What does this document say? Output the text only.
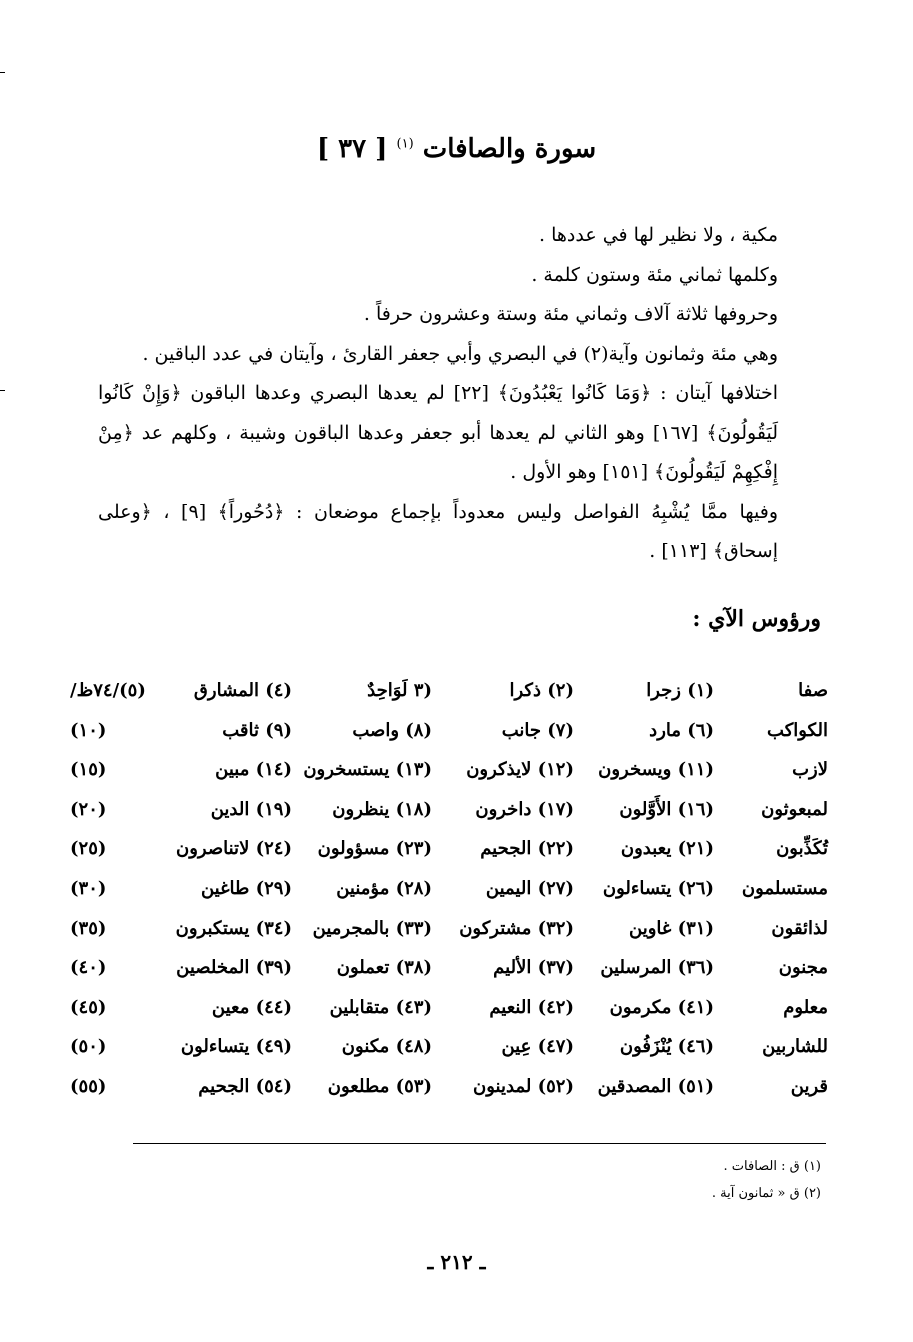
سورة والصافات $^{(١)}$ [ ٣٧ ]

مكية ، ولا نظير لها في عددها .

وكلمها ثماني مئة وستون كلمة .

وحروفها ثلاثة آلاف وثماني مئة وستة وعشرون حرفاً .

وهي مئة وثمانون وآية(٢) في البصري وأبي جعفر القارئ ، وآيتان في عدد الباقين .

اختلافها آيتان : ﴿وَمَا كَانُوا يَعْبُدُونَ﴾ [٢٢] لم يعدها البصري وعدها الباقون ﴿وَإِنْ كَانُوا لَيَقُولُونَ﴾ [١٦٧] وهو الثاني لم يعدها أبو جعفر وعدها الباقون وشيبة ، وكلهم عد ﴿مِنْ إِفْكِهِمْ لَيَقُولُونَ﴾ [١٥١] وهو الأول .

وفيها ممَّا يُشْبِهُ الفواصل وليس معدوداً بإجماع موضعان : ﴿دُحُوراً﴾ [٩] ، ﴿وعلى إسحاق﴾ [١١٣] .

ورؤوس الآي :
صفا
(١) زجرا
(٢) ذكرا
(٣ لَوَاحِدٌ
(٤) المشارق
(٥)/٧٤ظ/
الكواكب
(٦) مارد
(٧) جانب
(٨) واصب
(٩) ثاقب
(١٠)
لازب
(١١) ويسخرون
(١٢) لايذكرون
(١٣) يستسخرون
(١٤) مبين
(١٥)
لمبعوثون
(١٦) الأَوَّلون
(١٧) داخرون
(١٨) ينظرون
(١٩) الدين
(٢٠)
تُكَذِّبون
(٢١) يعبدون
(٢٢) الجحيم
(٢٣) مسؤولون
(٢٤) لاتناصرون
(٢٥)
مستسلمون
(٢٦) يتساءلون
(٢٧) اليمين
(٢٨) مؤمنين
(٢٩) طاغين
(٣٠)
لذائقون
(٣١) غاوين
(٣٢) مشتركون
(٣٣) بالمجرمين
(٣٤) يستكبرون
(٣٥)
مجنون
(٣٦) المرسلين
(٣٧) الأليم
(٣٨) تعملون
(٣٩) المخلصين
(٤٠)
معلوم
(٤١) مكرمون
(٤٢) النعيم
(٤٣) متقابلين
(٤٤) معين
(٤٥)
للشاربين
(٤٦) يُنْزَفُون
(٤٧) عِين
(٤٨) مكنون
(٤٩) يتساءلون
(٥٠)
قرين
(٥١) المصدقين
(٥٢) لمدينون
(٥٣) مطلعون
(٥٤) الجحيم
(٥٥)

(١) ق : الصافات .

(٢) ق « ثمانون آية .

ـ ٢١٢ ـ
